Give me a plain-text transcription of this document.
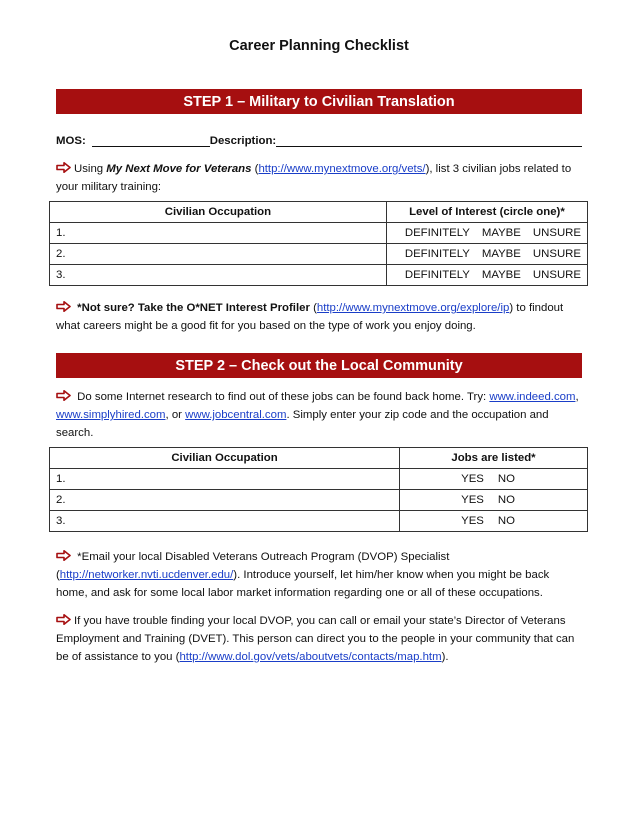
Career Planning Checklist
STEP 1 – Military to Civilian Translation
MOS:	Description:
Using My Next Move for Veterans (http://www.mynextmove.org/vets/), list 3 civilian jobs related to your military training:
Civilian Occupation	Level of Interest (circle one)*
1.	DEFINITELY MAYBE UNSURE
2.	DEFINITELY MAYBE UNSURE
3.	DEFINITELY MAYBE UNSURE
*Not sure? Take the O*NET Interest Profiler (http://www.mynextmove.org/explore/ip) to findout what careers might be a good fit for you based on the type of work you enjoy doing.
STEP 2 – Check out the Local Community
Do some Internet research to find out of these jobs can be found back home. Try: www.indeed.com, www.simplyhired.com, or www.jobcentral.com. Simply enter your zip code and the occupation and search.
Civilian Occupation	Jobs are listed*
1.	YES NO
2.	YES NO
3.	YES NO
*Email your local Disabled Veterans Outreach Program (DVOP) Specialist (http://networker.nvti.ucdenver.edu/). Introduce yourself, let him/her know when you might be back home, and ask for some local labor market information regarding one or all of these occupations.
If you have trouble finding your local DVOP, you can call or email your state’s Director of Veterans Employment and Training (DVET). This person can direct you to the people in your community that can be of assistance to you (http://www.dol.gov/vets/aboutvets/contacts/map.htm).
